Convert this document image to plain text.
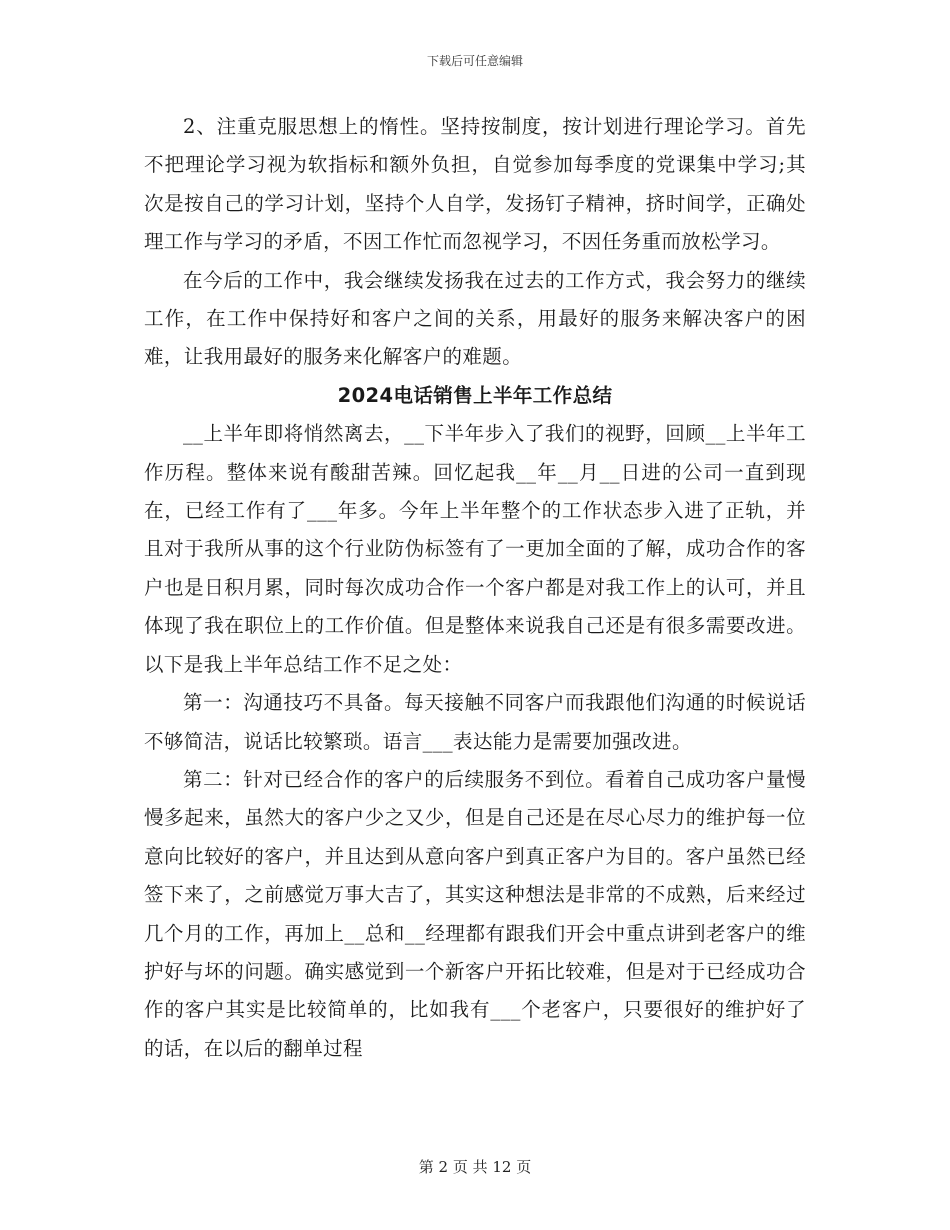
下载后可任意编辑

2、注重克服思想上的惰性。坚持按制度，按计划进行理论学习。首先不把理论学习视为软指标和额外负担，自觉参加每季度的党课集中学习;其次是按自己的学习计划，坚持个人自学，发扬钉子精神，挤时间学，正确处理工作与学习的矛盾，不因工作忙而忽视学习，不因任务重而放松学习。

在今后的工作中，我会继续发扬我在过去的工作方式，我会努力的继续工作，在工作中保持好和客户之间的关系，用最好的服务来解决客户的困难，让我用最好的服务来化解客户的难题。

2024电话销售上半年工作总结

__上半年即将悄然离去，__下半年步入了我们的视野，回顾__上半年工作历程。整体来说有酸甜苦辣。回忆起我__年__月__日进的公司一直到现在，已经工作有了___年多。今年上半年整个的工作状态步入进了正轨，并且对于我所从事的这个行业防伪标签有了一更加全面的了解，成功合作的客户也是日积月累，同时每次成功合作一个客户都是对我工作上的认可，并且体现了我在职位上的工作价值。但是整体来说我自己还是有很多需要改进。以下是我上半年总结工作不足之处：

第一：沟通技巧不具备。每天接触不同客户而我跟他们沟通的时候说话不够简洁，说话比较繁琐。语言___表达能力是需要加强改进。

第二：针对已经合作的客户的后续服务不到位。看着自己成功客户量慢慢多起来，虽然大的客户少之又少，但是自己还是在尽心尽力的维护每一位意向比较好的客户，并且达到从意向客户到真正客户为目的。客户虽然已经签下来了，之前感觉万事大吉了，其实这种想法是非常的不成熟，后来经过几个月的工作，再加上__总和__经理都有跟我们开会中重点讲到老客户的维护好与坏的问题。确实感觉到一个新客户开拓比较难，但是对于已经成功合作的客户其实是比较简单的，比如我有___个老客户，只要很好的维护好了的话，在以后的翻单过程

第 2 页 共 12 页
